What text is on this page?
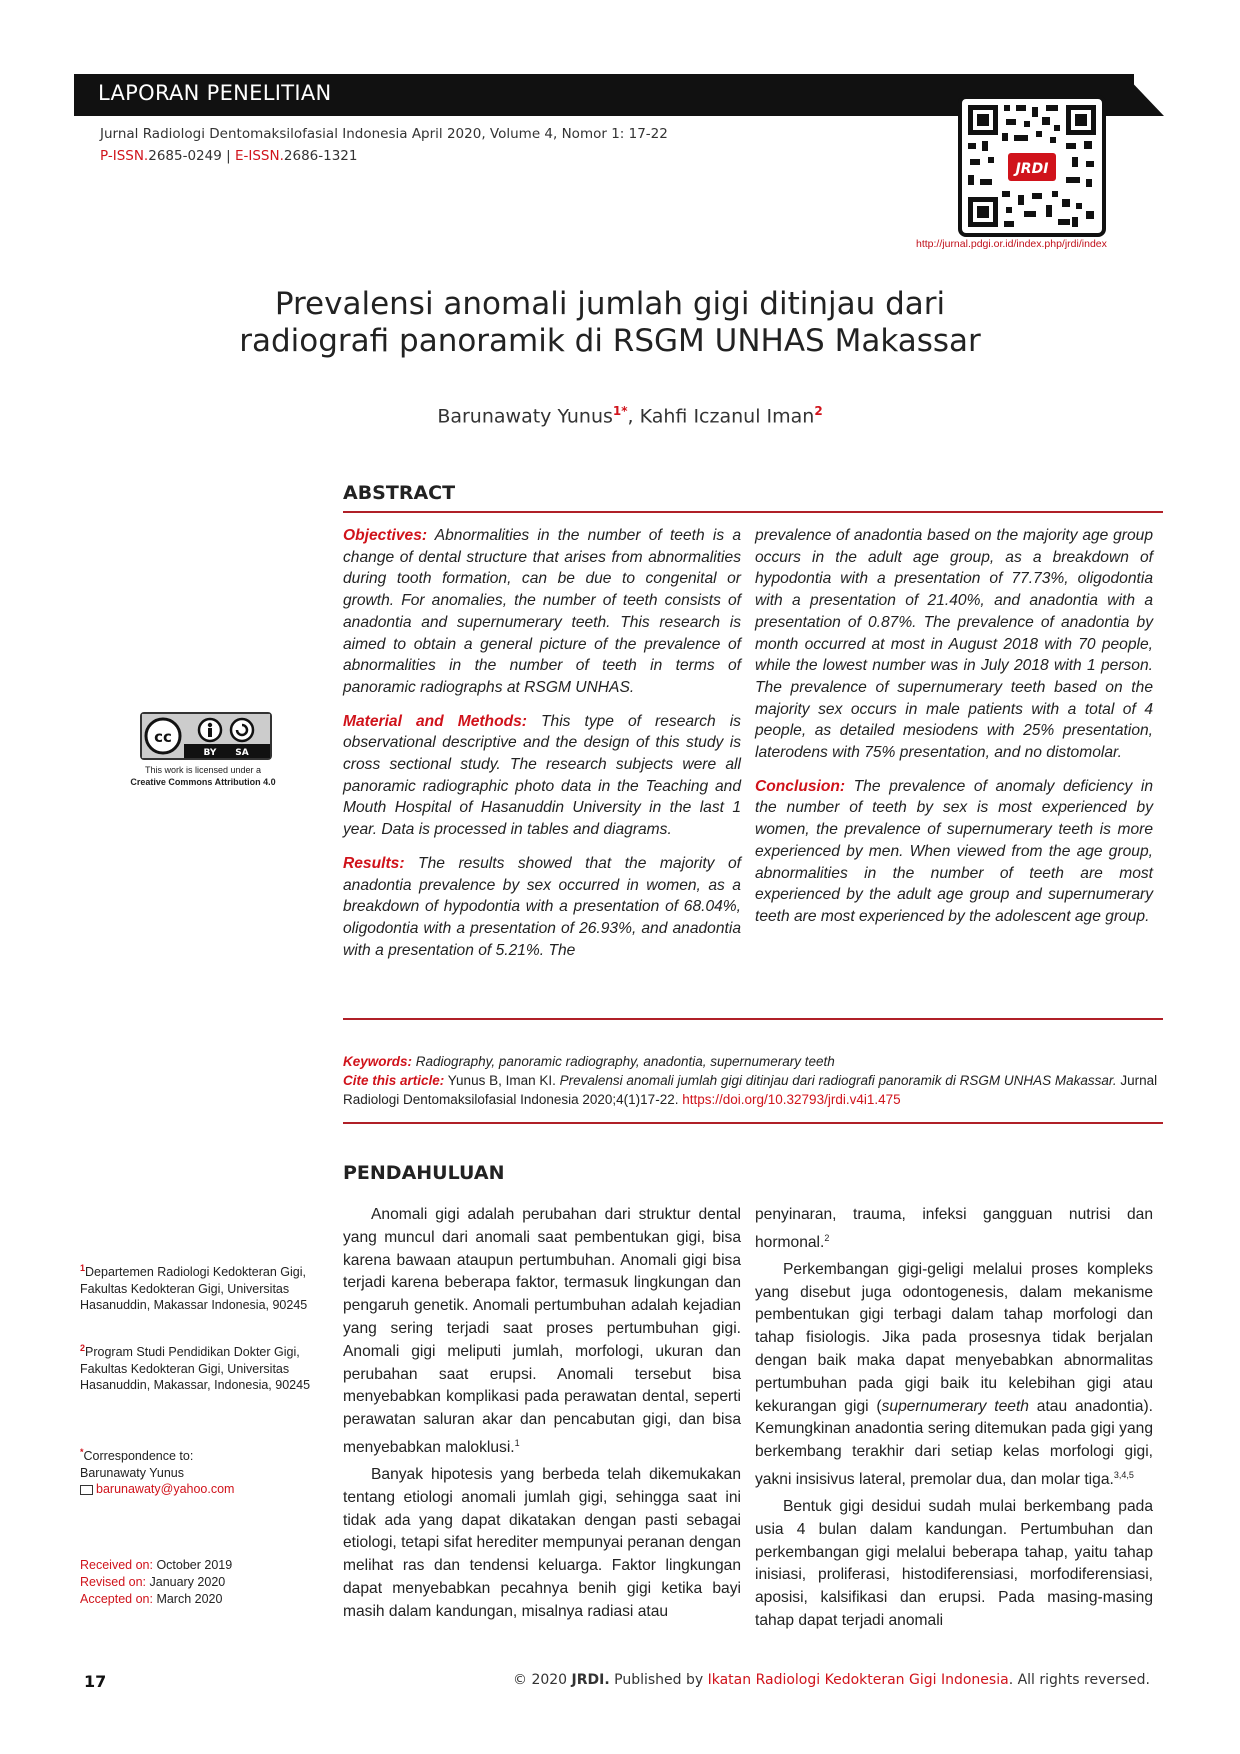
LAPORAN PENELITIAN
Jurnal Radiologi Dentomaksilofasial Indonesia April 2020, Volume 4, Nomor 1: 17-22
P-ISSN.2685-0249 | E-ISSN.2686-1321
JRDI
http://jurnal.pdgi.or.id/index.php/jrdi/index
Prevalensi anomali jumlah gigi ditinjau dari
radiografi panoramik di RSGM UNHAS Makassar
Barunawaty Yunus$^{1*}$, Kahfi Iczanul Iman$^2$
ABSTRACT

Objectives: Abnormalities in the number of teeth is a change of dental structure that arises from abnormalities during tooth formation, can be due to congenital or growth. For anomalies, the number of teeth consists of anadontia and supernumerary teeth. This research is aimed to obtain a general picture of the prevalence of abnormalities in the number of teeth in terms of panoramic radiographs at RSGM UNHAS.

Material and Methods: This type of research is observational descriptive and the design of this study is cross sectional study. The research subjects were all panoramic radiographic photo data in the Teaching and Mouth Hospital of Hasanuddin University in the last 1 year. Data is processed in tables and diagrams.

Results: The results showed that the majority of anadontia prevalence by sex occurred in women, as a breakdown of hypodontia with a presentation of 68.04%, oligodontia with a presentation of 26.93%, and anadontia with a presentation of 5.21%. The

prevalence of anadontia based on the majority age group occurs in the adult age group, as a breakdown of hypodontia with a presentation of 77.73%, oligodontia with a presentation of 21.40%, and anadontia with a presentation of 0.87%. The prevalence of anadontia by month occurred at most in August 2018 with 70 people, while the lowest number was in July 2018 with 1 person. The prevalence of supernumerary teeth based on the majority sex occurs in male patients with a total of 4 people, as detailed mesiodens with 25% presentation, laterodens with 75% presentation, and no distomolar.

Conclusion: The prevalence of anomaly deficiency in the number of teeth by sex is most experienced by women, the prevalence of supernumerary teeth is more experienced by men. When viewed from the age group, abnormalities in the number of teeth are most experienced by the adult age group and supernumerary teeth are most experienced by the adolescent age group.

Keywords: Radiography, panoramic radiography, anadontia, supernumerary teeth
Cite this article: Yunus B, Iman KI. Prevalensi anomali jumlah gigi ditinjau dari radiografi panoramik di RSGM UNHAS Makassar. Jurnal Radiologi Dentomaksilofasial Indonesia 2020;4(1)17-22. https://doi.org/10.32793/jrdi.v4i1.475
cc
BY SA
This work is licensed under a
Creative Commons Attribution 4.0
PENDAHULUAN

Anomali gigi adalah perubahan dari struktur dental yang muncul dari anomali saat pembentukan gigi, bisa karena bawaan ataupun pertumbuhan. Anomali gigi bisa terjadi karena beberapa faktor, termasuk lingkungan dan pengaruh genetik. Anomali pertumbuhan adalah kejadian yang sering terjadi saat proses pertumbuhan gigi. Anomali gigi meliputi jumlah, morfologi, ukuran dan perubahan saat erupsi. Anomali tersebut bisa menyebabkan komplikasi pada perawatan dental, seperti perawatan saluran akar dan pencabutan gigi, dan bisa menyebabkan maloklusi.$^1$

Banyak hipotesis yang berbeda telah dikemukakan tentang etiologi anomali jumlah gigi, sehingga saat ini tidak ada yang dapat dikatakan dengan pasti sebagai etiologi, tetapi sifat herediter mempunyai peranan dengan melihat ras dan tendensi keluarga. Faktor lingkungan dapat menyebabkan pecahnya benih gigi ketika bayi masih dalam kandungan, misalnya radiasi atau

penyinaran, trauma, infeksi gangguan nutrisi dan hormonal.$^2$

Perkembangan gigi-geligi melalui proses kompleks yang disebut juga odontogenesis, dalam mekanisme pembentukan gigi terbagi dalam tahap morfologi dan tahap fisiologis. Jika pada prosesnya tidak berjalan dengan baik maka dapat menyebabkan abnormalitas pertumbuhan pada gigi baik itu kelebihan gigi atau kekurangan gigi (supernumerary teeth atau anadontia). Kemungkinan anadontia sering ditemukan pada gigi yang berkembang terakhir dari setiap kelas morfologi gigi, yakni insisivus lateral, premolar dua, dan molar tiga.$^{3,4,5}$

Bentuk gigi desidui sudah mulai berkembang pada usia 4 bulan dalam kandungan. Pertumbuhan dan perkembangan gigi melalui beberapa tahap, yaitu tahap inisiasi, proliferasi, histodiferensiasi, morfodiferensiasi, aposisi, kalsifikasi dan erupsi. Pada masing-masing tahap dapat terjadi anomali

$^1$Departemen Radiologi Kedokteran Gigi, Fakultas Kedokteran Gigi, Universitas Hasanuddin, Makassar Indonesia, 90245
$^2$Program Studi Pendidikan Dokter Gigi, Fakultas Kedokteran Gigi, Universitas Hasanuddin, Makassar, Indonesia, 90245
*Correspondence to:
Barunawaty Yunus
barunawaty@yahoo.com
Received on: October 2019
Revised on: January 2020
Accepted on: March 2020
17	© 2020 JRDI. Published by Ikatan Radiologi Kedokteran Gigi Indonesia. All rights reversed.
